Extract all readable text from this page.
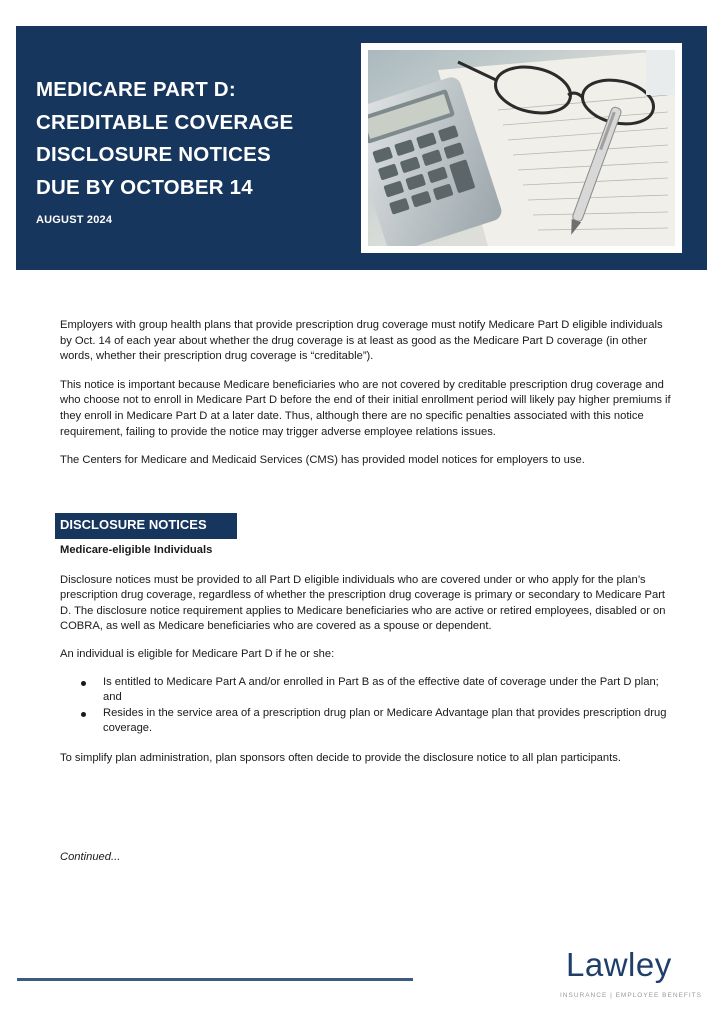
MEDICARE PART D:
CREDITABLE COVERAGE
DISCLOSURE NOTICES
DUE BY OCTOBER 14
AUGUST 2024

Employers with group health plans that provide prescription drug coverage must notify Medicare Part D eligible individuals by Oct. 14 of each year about whether the drug coverage is at least as good as the Medicare Part D coverage (in other words, whether their prescription drug coverage is “creditable”).

This notice is important because Medicare beneficiaries who are not covered by creditable prescription drug coverage and who choose not to enroll in Medicare Part D before the end of their initial enrollment period will likely pay higher premiums if they enroll in Medicare Part D at a later date. Thus, although there are no specific penalties associated with this notice requirement, failing to provide the notice may trigger adverse employee relations issues.

The Centers for Medicare and Medicaid Services (CMS) has provided model notices for employers to use.

DISCLOSURE NOTICES

Medicare-eligible Individuals

Disclosure notices must be provided to all Part D eligible individuals who are covered under or who apply for the plan’s prescription drug coverage, regardless of whether the prescription drug coverage is primary or secondary to Medicare Part D. The disclosure notice requirement applies to Medicare beneficiaries who are active or retired employees, disabled or on COBRA, as well as Medicare beneficiaries who are covered as a spouse or dependent.

An individual is eligible for Medicare Part D if he or she:

Is entitled to Medicare Part A and/or enrolled in Part B as of the effective date of coverage under the Part D plan; and
Resides in the service area of a prescription drug plan or Medicare Advantage plan that provides prescription drug coverage.

To simplify plan administration, plan sponsors often decide to provide the disclosure notice to all plan participants.

Continued...
Lawley
INSURANCE | EMPLOYEE BENEFITS
